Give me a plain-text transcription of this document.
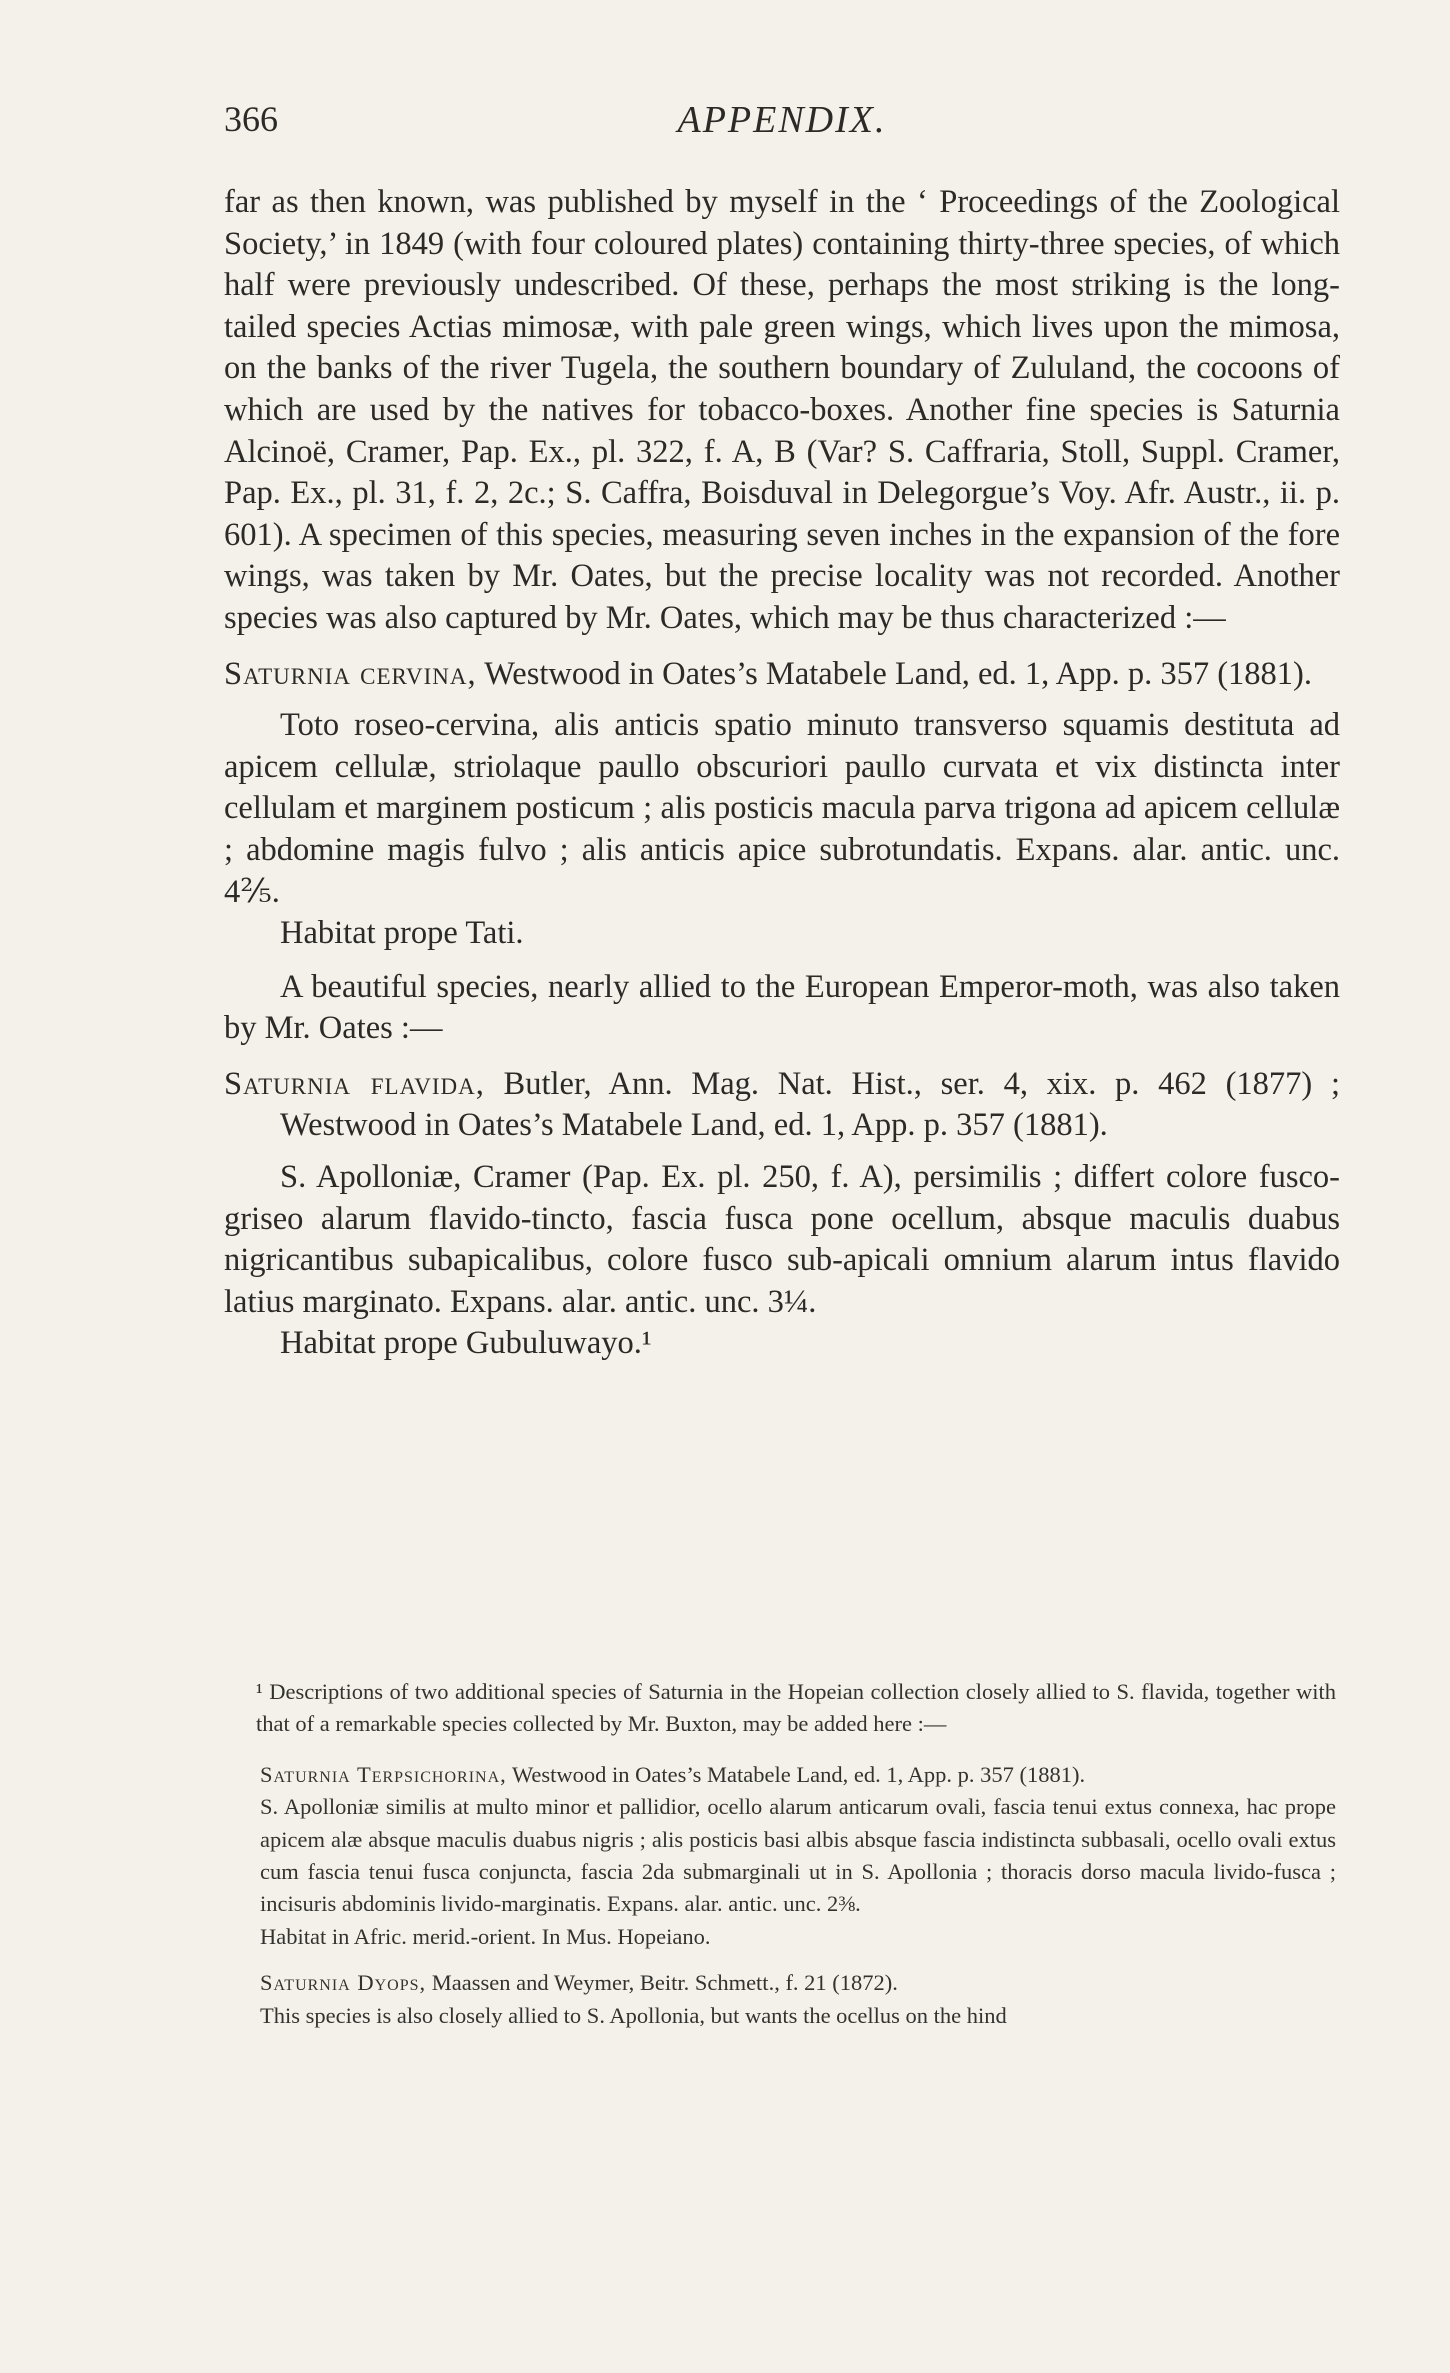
366	APPENDIX.

far as then known, was published by myself in the ‘ Proceedings of the Zoological Society,’ in 1849 (with four coloured plates) containing thirty-three species, of which half were previously undescribed. Of these, perhaps the most striking is the long-tailed species Actias mimosæ, with pale green wings, which lives upon the mimosa, on the banks of the river Tugela, the southern boundary of Zululand, the cocoons of which are used by the natives for tobacco-boxes. Another fine species is Saturnia Alcinoë, Cramer, Pap. Ex., pl. 322, f. A, B (Var? S. Caffraria, Stoll, Suppl. Cramer, Pap. Ex., pl. 31, f. 2, 2c.; S. Caffra, Boisduval in Delegorgue’s Voy. Afr. Austr., ii. p. 601). A specimen of this species, measuring seven inches in the expansion of the fore wings, was taken by Mr. Oates, but the precise locality was not recorded. Another species was also captured by Mr. Oates, which may be thus characterized :—

Saturnia cervina, Westwood in Oates’s Matabele Land, ed. 1, App. p. 357 (1881).

Toto roseo-cervina, alis anticis spatio minuto transverso squamis destituta ad apicem cellulæ, striolaque paullo obscuriori paullo curvata et vix distincta inter cellulam et marginem posticum ; alis posticis macula parva trigona ad apicem cellulæ ; abdomine magis fulvo ; alis anticis apice subrotundatis. Expans. alar. antic. unc. 4⅖.

Habitat prope Tati.

A beautiful species, nearly allied to the European Emperor-moth, was also taken by Mr. Oates :—

Saturnia flavida, Butler, Ann. Mag. Nat. Hist., ser. 4, xix. p. 462 (1877) ; Westwood in Oates’s Matabele Land, ed. 1, App. p. 357 (1881).

S. Apolloniæ, Cramer (Pap. Ex. pl. 250, f. A), persimilis ; differt colore fusco-griseo alarum flavido-tincto, fascia fusca pone ocellum, absque maculis duabus nigricantibus subapicalibus, colore fusco sub-apicali omnium alarum intus flavido latius marginato. Expans. alar. antic. unc. 3¼.

Habitat prope Gubuluwayo.¹

¹ Descriptions of two additional species of Saturnia in the Hopeian collection closely allied to S. flavida, together with that of a remarkable species collected by Mr. Buxton, may be added here :—

Saturnia Terpsichorina, Westwood in Oates’s Matabele Land, ed. 1, App. p. 357 (1881).

S. Apolloniæ similis at multo minor et pallidior, ocello alarum anticarum ovali, fascia tenui extus connexa, hac prope apicem alæ absque maculis duabus nigris ; alis posticis basi albis absque fascia indistincta subbasali, ocello ovali extus cum fascia tenui fusca conjuncta, fascia 2da submarginali ut in S. Apollonia ; thoracis dorso macula livido-fusca ; incisuris abdominis livido-marginatis. Expans. alar. antic. unc. 2⅜.

Habitat in Afric. merid.-orient. In Mus. Hopeiano.

Saturnia Dyops, Maassen and Weymer, Beitr. Schmett., f. 21 (1872).

This species is also closely allied to S. Apollonia, but wants the ocellus on the hind
